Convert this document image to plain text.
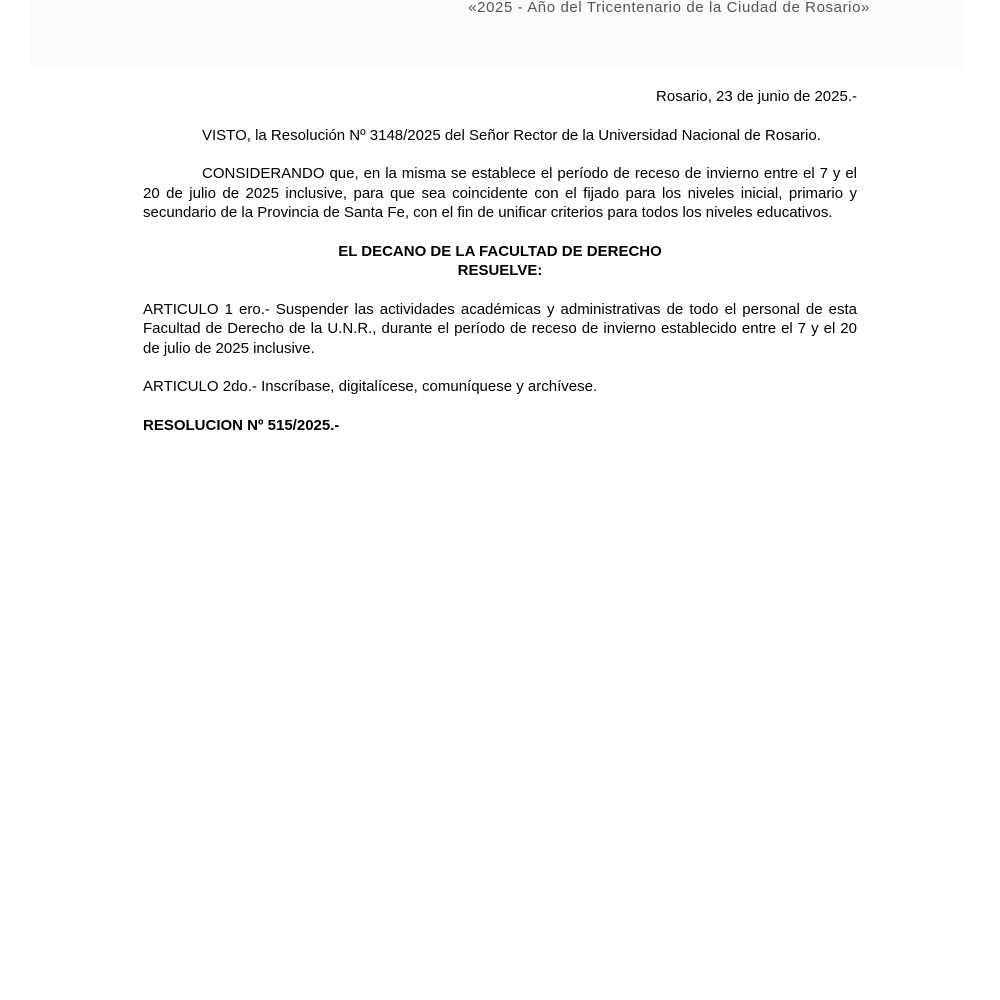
«2025 - Año del Tricentenario de la Ciudad de Rosario»

Rosario, 23 de junio de 2025.-

VISTO, la Resolución Nº 3148/2025 del Señor Rector de la Universidad Nacional de Rosario.

CONSIDERANDO que, en la misma se establece el período de receso de invierno entre el 7 y el 20 de julio de 2025 inclusive, para que sea coincidente con el fijado para los niveles inicial, primario y secundario de la Provincia de Santa Fe, con el fin de unificar criterios para todos los niveles educativos.

EL DECANO DE LA FACULTAD DE DERECHO
RESUELVE:

ARTICULO 1 ero.- Suspender las actividades académicas y administrativas de todo el personal de esta Facultad de Derecho de la U.N.R., durante el período de receso de invierno establecido entre el 7 y el 20 de julio de 2025 inclusive.

ARTICULO 2do.- Inscríbase, digitalícese, comuníquese y archívese.

RESOLUCION Nº 515/2025.-
